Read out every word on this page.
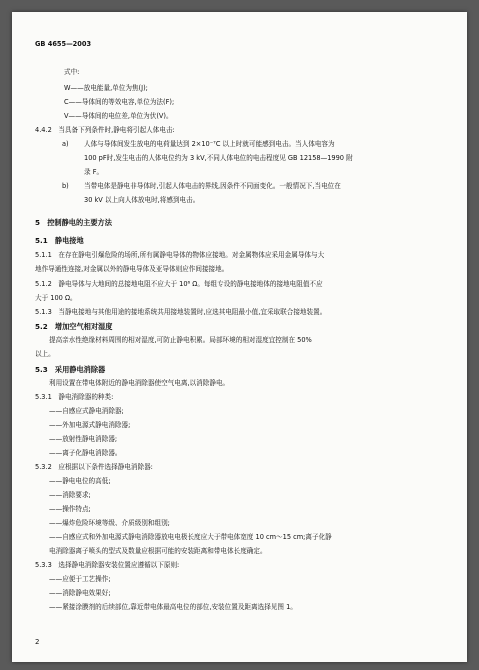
GB 4655—2003
式中:
W——放电能量,单位为焦(J);
C——导体间的等效电容,单位为法(F);
V——导体间的电位差,单位为伏(V)。
4.4.2　当具备下列条件时,静电将引起人体电击:
a) 人体与导体间发生放电的电荷量达到 2×10⁻⁷C 以上时就可能感到电击。当人体电容为
100 pF时,发生电击的人体电位约为 3 kV,不同人体电位的电击程度见 GB 12158—1990 附
录 F。
b) 当带电体是静电非导体时,引起人体电击的界线,因条件不同面变化。一般情况下,当电位在
30 kV 以上向人体放电时,将感到电击。
5　控制静电的主要方法
5.1　静电接地
5.1.1　在存在静电引爆危险的场所,所有属静电导体的物体应接地。对金属物体应采用金属导体与大
地作导通性连接,对金属以外的静电导体及亚导体则应作间接接地。
5.1.2　静电导体与大地间的总接地电阻不应大于 10⁶ Ω。每组专设的静电接地体的接地电阻值不应
大于 100 Ω。
5.1.3　当静电接地与其他用途的接地系统共用接地装置时,应选其电阻最小值,宜采取联合接地装置。
5.2　增加空气相对湿度
提高亲水性绝缘材料周围的相对湿度,可防止静电积累。局部环境的相对湿度宜控制在 50%
以上。
5.3　采用静电消除器
利用设置在带电体附近的静电消除器使空气电离,以消除静电。
5.3.1　静电消除器的种类:
——自感应式静电消除器;
——外加电源式静电消除器;
——放射性静电消除器;
——离子化静电消除器。
5.3.2　应根据以下条件选择静电消除器:
——静电电位的高低;
——消除要求;
——操作特点;
——爆炸危险环境等级、介质级别和组别;
——自感应式和外加电源式静电消除器放电电极长度应大于带电体宽度 10 cm～15 cm;离子化静
电消除器离子喷头的型式及数量应根据可能的安装距离和带电体长度确定。
5.3.3　选择静电消除器安装位置应遵循以下原则:
——应便于工艺操作;
——消除静电效果好;
——紧接涂膜剂的后续部位,靠近带电体最高电位的部位,安装位置及距离选择见图 1。
2
